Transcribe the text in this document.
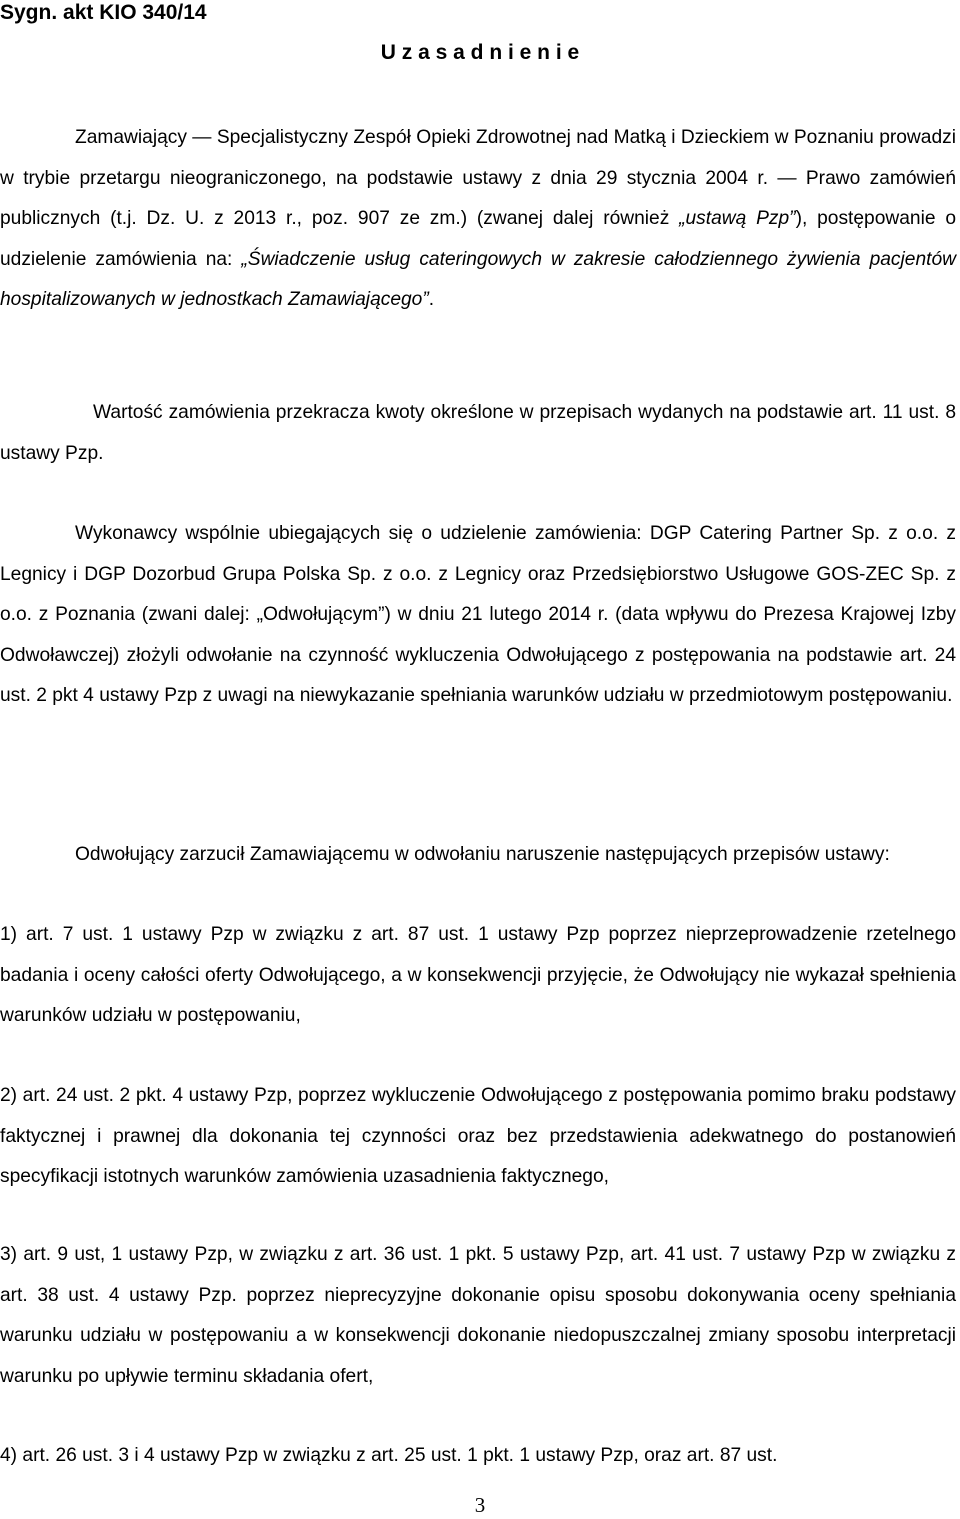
Sygn. akt KIO 340/14
U z a s a d n i e n i e

Zamawiający — Specjalistyczny Zespół Opieki Zdrowotnej nad Matką i Dzieckiem w Poznaniu prowadzi w trybie przetargu nieograniczonego, na podstawie ustawy z dnia 29 stycznia 2004 r. — Prawo zamówień publicznych (t.j. Dz. U. z 2013 r., poz. 907 ze zm.) (zwanej dalej również „ustawą Pzp”), postępowanie o udzielenie zamówienia na: „Świadczenie usług cateringowych w zakresie całodziennego żywienia pacjentów hospitalizowanych w jednostkach Zamawiającego”.

Wartość zamówienia przekracza kwoty określone w przepisach wydanych na podstawie art. 11 ust. 8 ustawy Pzp.

Wykonawcy wspólnie ubiegających się o udzielenie zamówienia: DGP Catering Partner Sp. z o.o. z Legnicy i DGP Dozorbud Grupa Polska Sp. z o.o. z Legnicy oraz Przedsiębiorstwo Usługowe GOS-ZEC Sp. z o.o. z Poznania (zwani dalej: „Odwołującym”) w dniu 21 lutego 2014 r. (data wpływu do Prezesa Krajowej Izby Odwoławczej) złożyli odwołanie na czynność wykluczenia Odwołującego z postępowania na podstawie art. 24 ust. 2 pkt 4 ustawy Pzp z uwagi na niewykazanie spełniania warunków udziału w przedmiotowym postępowaniu.

Odwołujący zarzucił Zamawiającemu w odwołaniu naruszenie następujących przepisów ustawy:

1) art. 7 ust. 1 ustawy Pzp w związku z art. 87 ust. 1 ustawy Pzp poprzez nieprzeprowadzenie rzetelnego badania i oceny całości oferty Odwołującego, a w konsekwencji przyjęcie, że Odwołujący nie wykazał spełnienia warunków udziału w postępowaniu,

2) art. 24 ust. 2 pkt. 4 ustawy Pzp, poprzez wykluczenie Odwołującego z postępowania pomimo braku podstawy faktycznej i prawnej dla dokonania tej czynności oraz bez przedstawienia adekwatnego do postanowień specyfikacji istotnych warunków zamówienia uzasadnienia faktycznego,

3) art. 9 ust, 1 ustawy Pzp, w związku z art. 36 ust. 1 pkt. 5 ustawy Pzp, art. 41 ust. 7 ustawy Pzp w związku z art. 38 ust. 4 ustawy Pzp. poprzez nieprecyzyjne dokonanie opisu sposobu dokonywania oceny spełniania warunku udziału w postępowaniu a w konsekwencji dokonanie niedopuszczalnej zmiany sposobu interpretacji warunku po upływie terminu składania ofert,

4) art. 26 ust. 3 i 4 ustawy Pzp w związku z art. 25 ust. 1 pkt. 1 ustawy Pzp, oraz art. 87 ust.

3
